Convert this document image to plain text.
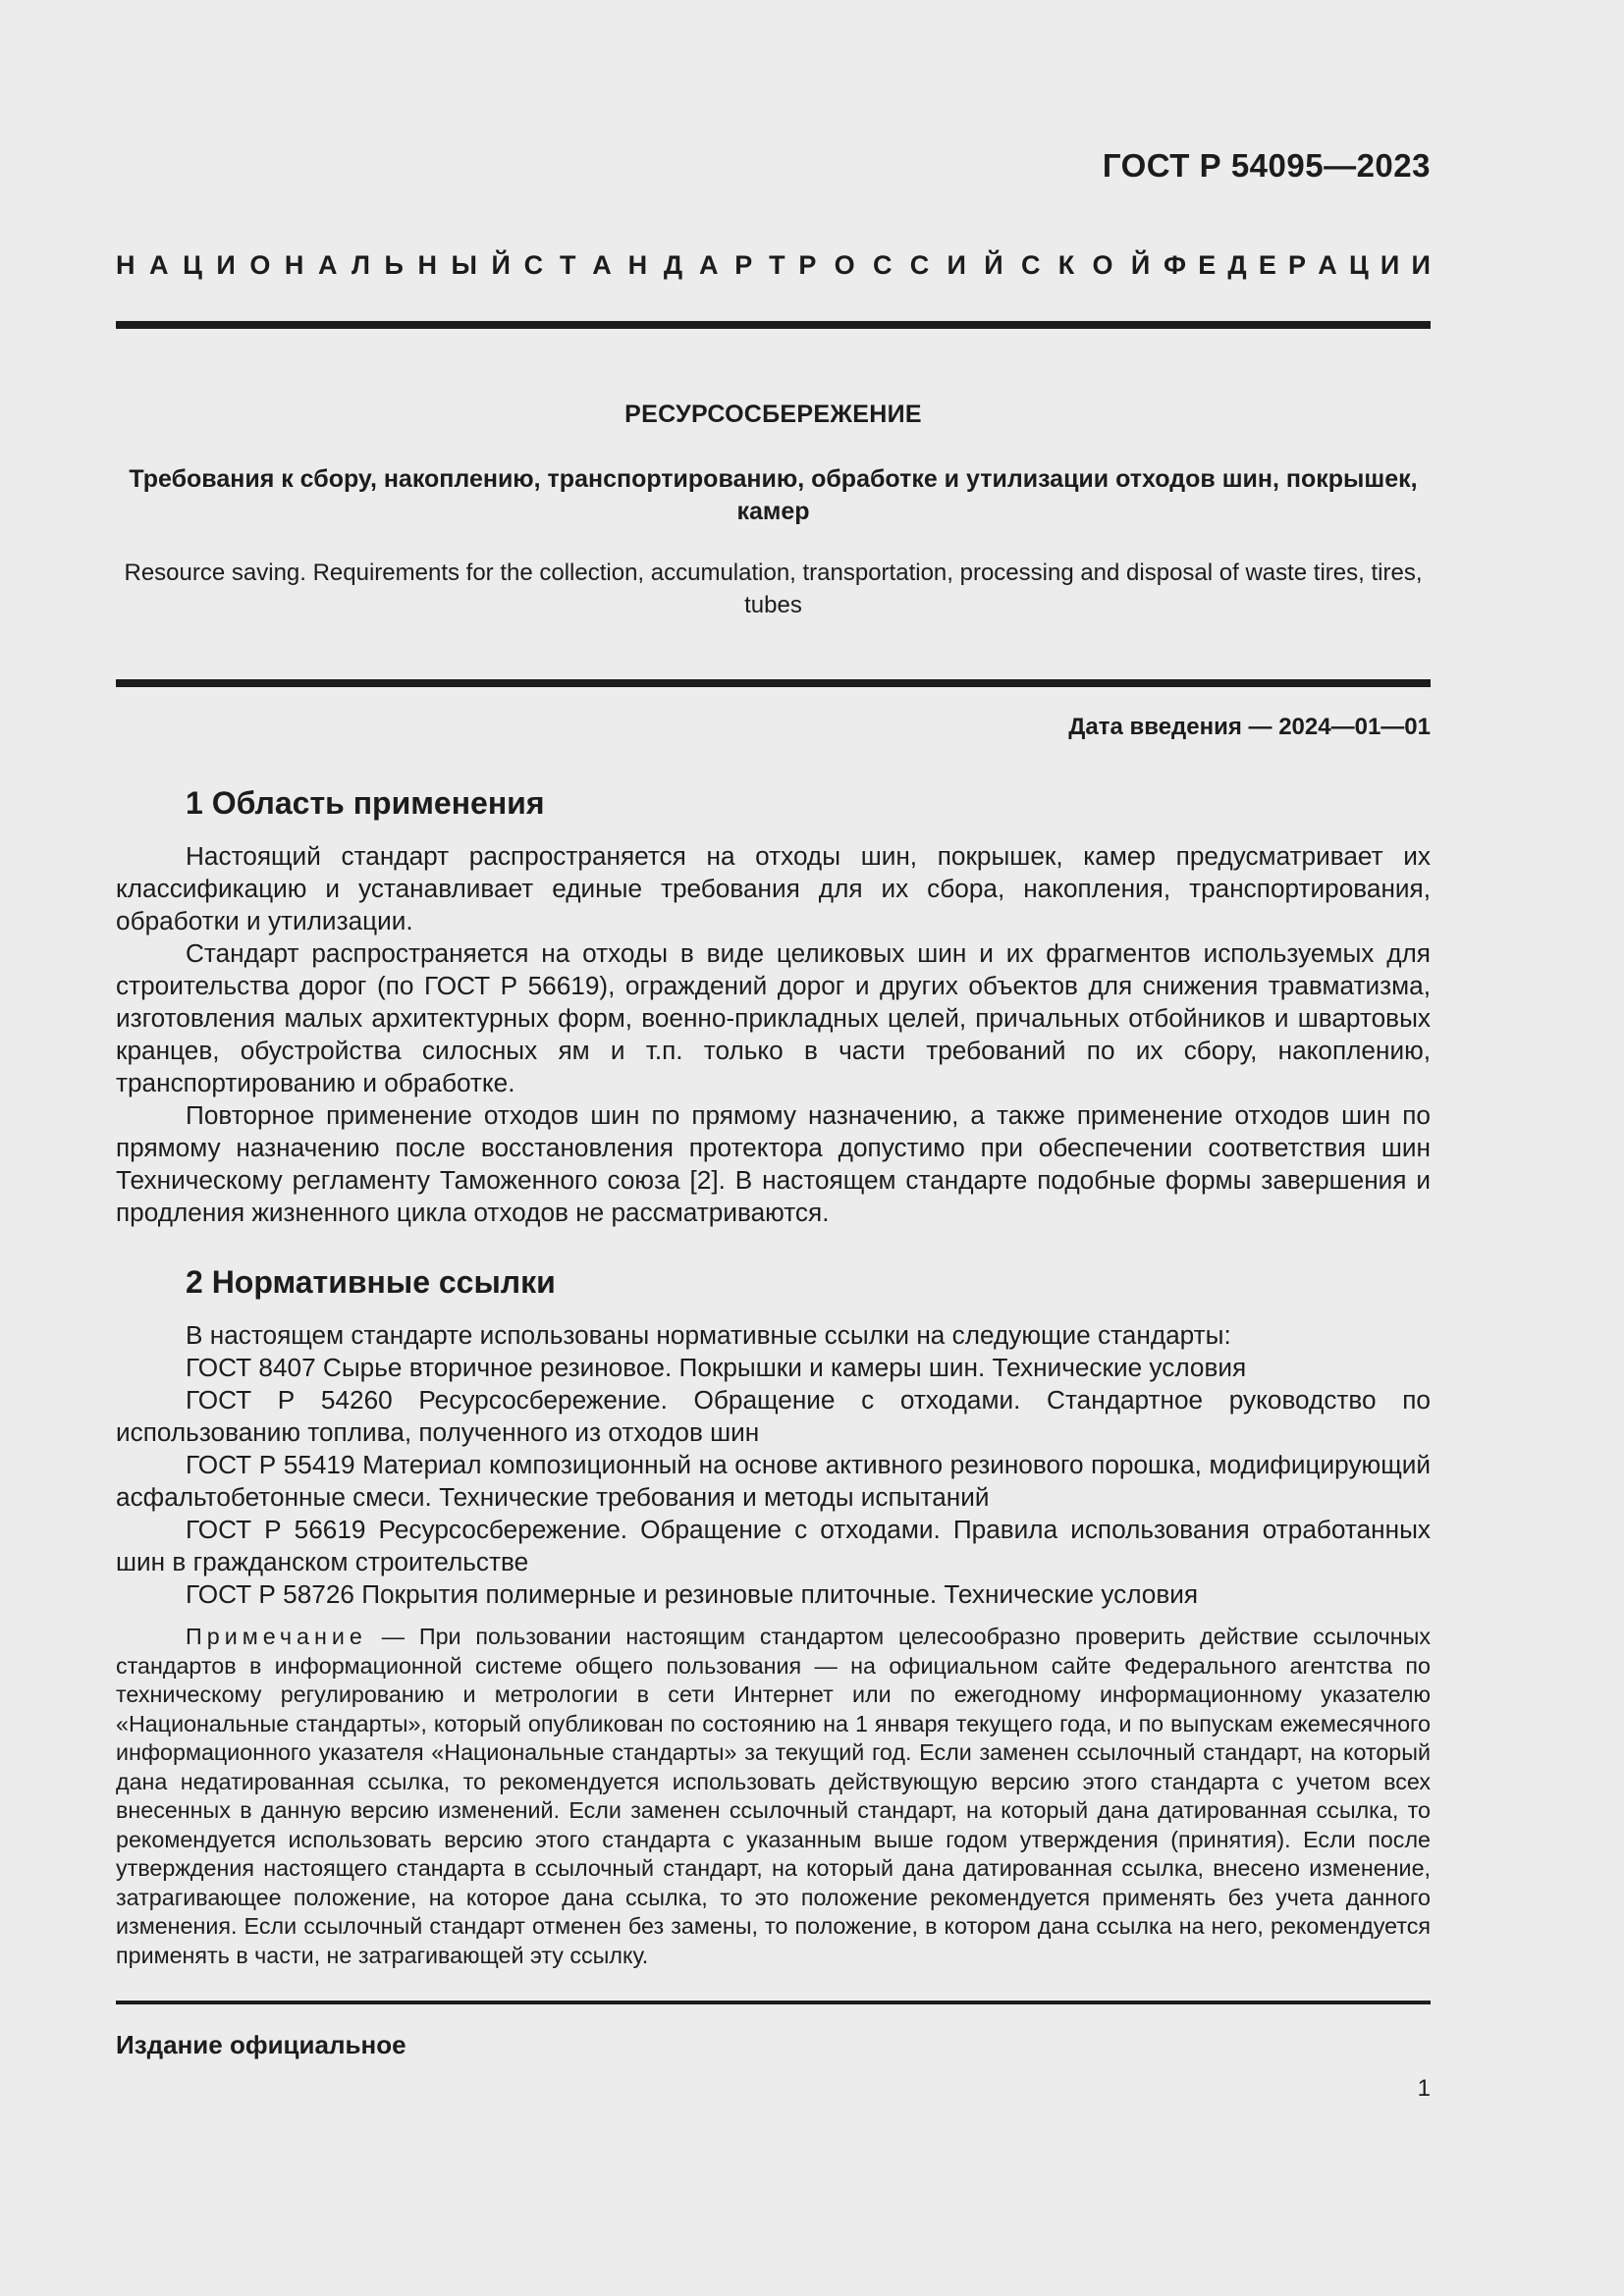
ГОСТ Р 54095—2023
Н А Ц И О Н А Л Ь Н Ы Й С Т А Н Д А Р Т Р О С С И Й С К О Й Ф Е Д Е Р А Ц И И
РЕСУРСОСБЕРЕЖЕНИЕ
Требования к сбору, накоплению, транспортированию, обработке и утилизации отходов шин, покрышек, камер
Resource saving. Requirements for the collection, accumulation, transportation, processing and disposal of waste tires, tires, tubes
Дата введения — 2024—01—01
1 Область применения

Настоящий стандарт распространяется на отходы шин, покрышек, камер предусматривает их классификацию и устанавливает единые требования для их сбора, накопления, транспортирования, обработки и утилизации.

Стандарт распространяется на отходы в виде целиковых шин и их фрагментов используемых для строительства дорог (по ГОСТ Р 56619), ограждений дорог и других объектов для снижения травматизма, изготовления малых архитектурных форм, военно-прикладных целей, причальных отбойников и швартовых кранцев, обустройства силосных ям и т.п. только в части требований по их сбору, накоплению, транспортированию и обработке.

Повторное применение отходов шин по прямому назначению, а также применение отходов шин по прямому назначению после восстановления протектора допустимо при обеспечении соответствия шин Техническому регламенту Таможенного союза [2]. В настоящем стандарте подобные формы завершения и продления жизненного цикла отходов не рассматриваются.

2 Нормативные ссылки

В настоящем стандарте использованы нормативные ссылки на следующие стандарты:

ГОСТ 8407 Сырье вторичное резиновое. Покрышки и камеры шин. Технические условия

ГОСТ Р 54260 Ресурсосбережение. Обращение с отходами. Стандартное руководство по использованию топлива, полученного из отходов шин

ГОСТ Р 55419 Материал композиционный на основе активного резинового порошка, модифицирующий асфальтобетонные смеси. Технические требования и методы испытаний

ГОСТ Р 56619 Ресурсосбережение. Обращение с отходами. Правила использования отработанных шин в гражданском строительстве

ГОСТ Р 58726 Покрытия полимерные и резиновые плиточные. Технические условия

Примечание — При пользовании настоящим стандартом целесообразно проверить действие ссылочных стандартов в информационной системе общего пользования — на официальном сайте Федерального агентства по техническому регулированию и метрологии в сети Интернет или по ежегодному информационному указателю «Национальные стандарты», который опубликован по состоянию на 1 января текущего года, и по выпускам ежемесячного информационного указателя «Национальные стандарты» за текущий год. Если заменен ссылочный стандарт, на который дана недатированная ссылка, то рекомендуется использовать действующую версию этого стандарта с учетом всех внесенных в данную версию изменений. Если заменен ссылочный стандарт, на который дана датированная ссылка, то рекомендуется использовать версию этого стандарта с указанным выше годом утверждения (принятия). Если после утверждения настоящего стандарта в ссылочный стандарт, на который дана датированная ссылка, внесено изменение, затрагивающее положение, на которое дана ссылка, то это положение рекомендуется применять без учета данного изменения. Если ссылочный стандарт отменен без замены, то положение, в котором дана ссылка на него, рекомендуется применять в части, не затрагивающей эту ссылку.
Издание официальное
1
